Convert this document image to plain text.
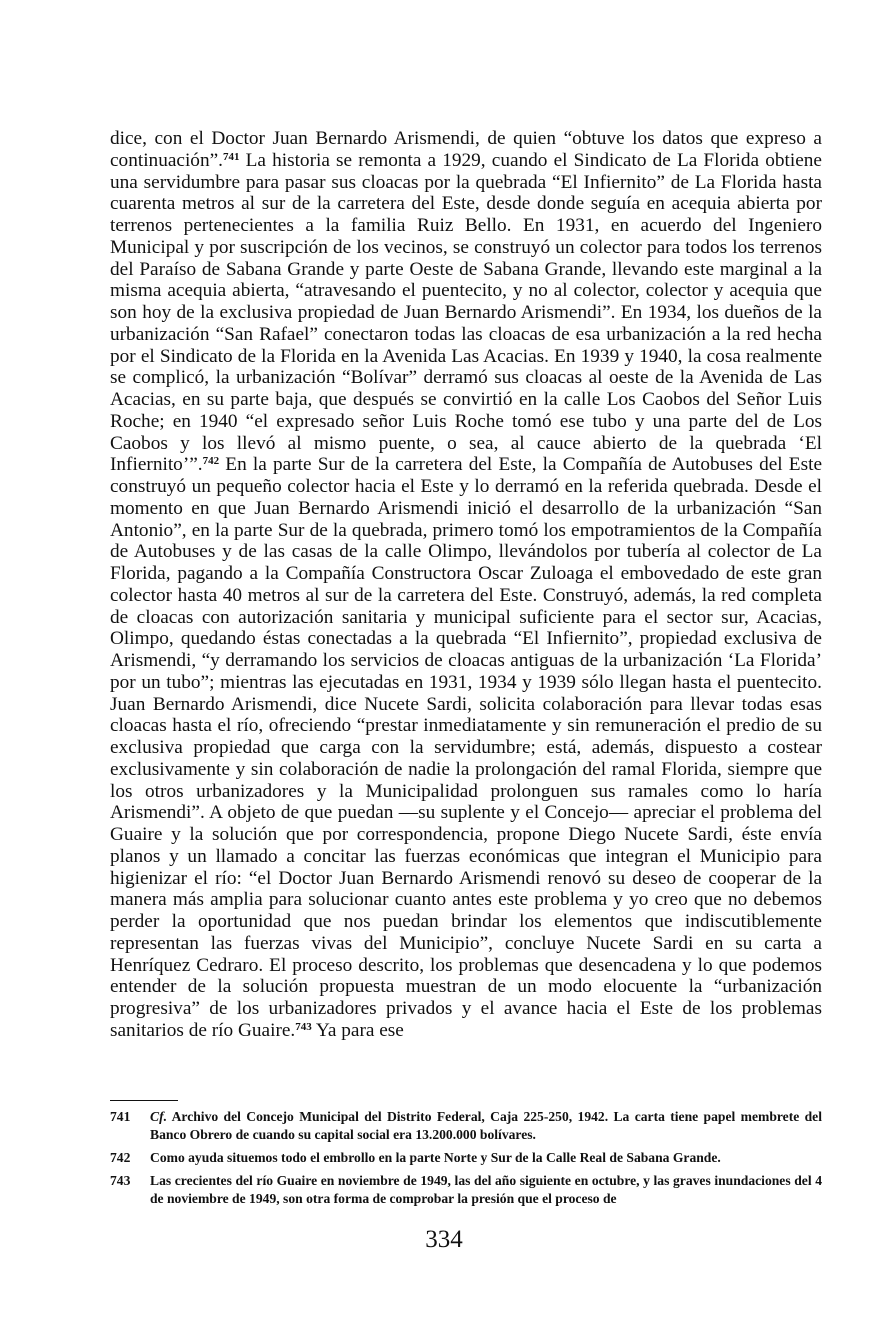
dice, con el Doctor Juan Bernardo Arismendi, de quien “obtuve los datos que expreso a continuación”.$^{741}$ La historia se remonta a 1929, cuando el Sindicato de La Florida obtiene una servidumbre para pasar sus cloacas por la quebrada “El Infiernito” de La Florida hasta cuarenta metros al sur de la carretera del Este, desde donde seguía en acequia abierta por terrenos pertenecientes a la familia Ruiz Bello. En 1931, en acuerdo del Ingeniero Municipal y por suscripción de los vecinos, se construyó un colector para todos los terrenos del Paraíso de Sabana Grande y parte Oeste de Sabana Grande, llevando este marginal a la misma acequia abierta, “atravesando el puentecito, y no al colector, colector y acequia que son hoy de la exclusiva propiedad de Juan Bernardo Arismendi”. En 1934, los dueños de la urbanización “San Rafael” conectaron todas las cloacas de esa urbanización a la red hecha por el Sindicato de la Florida en la Avenida Las Acacias. En 1939 y 1940, la cosa realmente se complicó, la urbanización “Bolívar” derramó sus cloacas al oeste de la Avenida de Las Acacias, en su parte baja, que después se convirtió en la calle Los Caobos del Señor Luis Roche; en 1940 “el expresado señor Luis Roche tomó ese tubo y una parte del de Los Caobos y los llevó al mismo puente, o sea, al cauce abierto de la quebrada ‘El Infiernito’”.$^{742}$ En la parte Sur de la carretera del Este, la Compañía de Autobuses del Este construyó un pequeño colector hacia el Este y lo derramó en la referida quebrada. Desde el momento en que Juan Bernardo Arismendi inició el desarrollo de la urbanización “San Antonio”, en la parte Sur de la quebrada, primero tomó los empotramientos de la Compañía de Autobuses y de las casas de la calle Olimpo, llevándolos por tubería al colector de La Florida, pagando a la Compañía Constructora Oscar Zuloaga el embovedado de este gran colector hasta 40 metros al sur de la carretera del Este. Construyó, además, la red completa de cloacas con autorización sanitaria y municipal suficiente para el sector sur, Acacias, Olimpo, quedando éstas conectadas a la quebrada “El Infiernito”, propiedad exclusiva de Arismendi, “y derramando los servicios de cloacas antiguas de la urbanización ‘La Florida’ por un tubo”; mientras las ejecutadas en 1931, 1934 y 1939 sólo llegan hasta el puentecito. Juan Bernardo Arismendi, dice Nucete Sardi, solicita colaboración para llevar todas esas cloacas hasta el río, ofreciendo “prestar inmediatamente y sin remuneración el predio de su exclusiva propiedad que carga con la servidumbre; está, además, dispuesto a costear exclusivamente y sin colaboración de nadie la prolongación del ramal Florida, siempre que los otros urbanizadores y la Municipalidad prolonguen sus ramales como lo haría Arismendi”. A objeto de que puedan —su suplente y el Concejo— apreciar el problema del Guaire y la solución que por correspondencia, propone Diego Nucete Sardi, éste envía planos y un llamado a concitar las fuerzas económicas que integran el Municipio para higienizar el río: “el Doctor Juan Bernardo Arismendi renovó su deseo de cooperar de la manera más amplia para solucionar cuanto antes este problema y yo creo que no debemos perder la oportunidad que nos puedan brindar los elementos que indiscutiblemente representan las fuerzas vivas del Municipio”, concluye Nucete Sardi en su carta a Henríquez Cedraro. El proceso descrito, los problemas que desencadena y lo que podemos entender de la solución propuesta muestran de un modo elocuente la “urbanización progresiva” de los urbanizadores privados y el avance hacia el Este de los problemas sanitarios de río Guaire.$^{743}$ Ya para ese

741	Cf. Archivo del Concejo Municipal del Distrito Federal, Caja 225-250, 1942. La carta tiene papel membrete del Banco Obrero de cuando su capital social era 13.200.000 bolívares.
742	Como ayuda situemos todo el embrollo en la parte Norte y Sur de la Calle Real de Sabana Grande.
743	Las crecientes del río Guaire en noviembre de 1949, las del año siguiente en octubre, y las graves inundaciones del 4 de noviembre de 1949, son otra forma de comprobar la presión que el proceso de
334
